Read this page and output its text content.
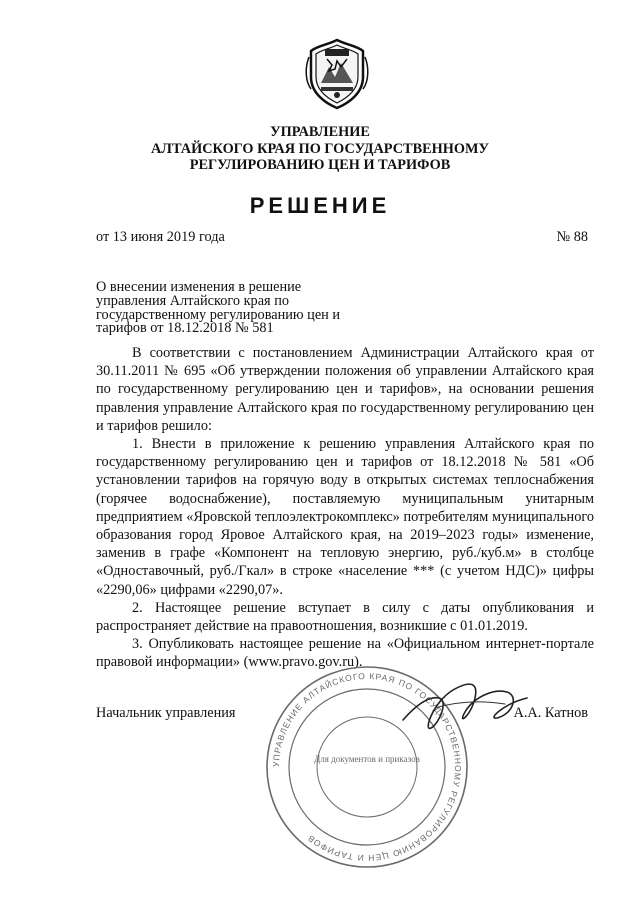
УПРАВЛЕНИЕ
АЛТАЙСКОГО КРАЯ ПО ГОСУДАРСТВЕННОМУ
РЕГУЛИРОВАНИЮ ЦЕН И ТАРИФОВ
РЕШЕНИЕ
от 13 июня 2019 года	№ 88
О внесении изменения в решение
управления Алтайского края по
государственному регулированию цен и
тарифов от 18.12.2018 № 581

В соответствии с постановлением Администрации Алтайского края от 30.11.2011 № 695 «Об утверждении положения об управлении Алтайского края по государственному регулированию цен и тарифов», на основании решения правления управление Алтайского края по государственному регулированию цен и тарифов решило:

1. Внести в приложение к решению управления Алтайского края по государственному регулированию цен и тарифов от 18.12.2018 № 581 «Об установлении тарифов на горячую воду в открытых системах теплоснабжения (горячее водоснабжение), поставляемую муниципальным унитарным предприятием «Яровской теплоэлектрокомплекс» потребителям муниципального образования город Яровое Алтайского края, на 2019–2023 годы» изменение, заменив в графе «Компонент на тепловую энергию, руб./куб.м» в столбце «Одноставочный, руб./Гкал» в строке «население *** (с учетом НДС)» цифры «2290,06» цифрами «2290,07».

2. Настоящее решение вступает в силу с даты опубликования и распространяет действие на правоотношения, возникшие с 01.01.2019.

3. Опубликовать настоящее решение на «Официальном интернет-портале правовой информации» (www.pravo.gov.ru).

Начальник управления	А.А. Катнов
УПРАВЛЕНИЕ АЛТАЙСКОГО КРАЯ ПО ГОСУДАРСТВЕННОМУ РЕГУЛИРОВАНИЮ ЦЕН И ТАРИФОВ
Для документов и приказов
